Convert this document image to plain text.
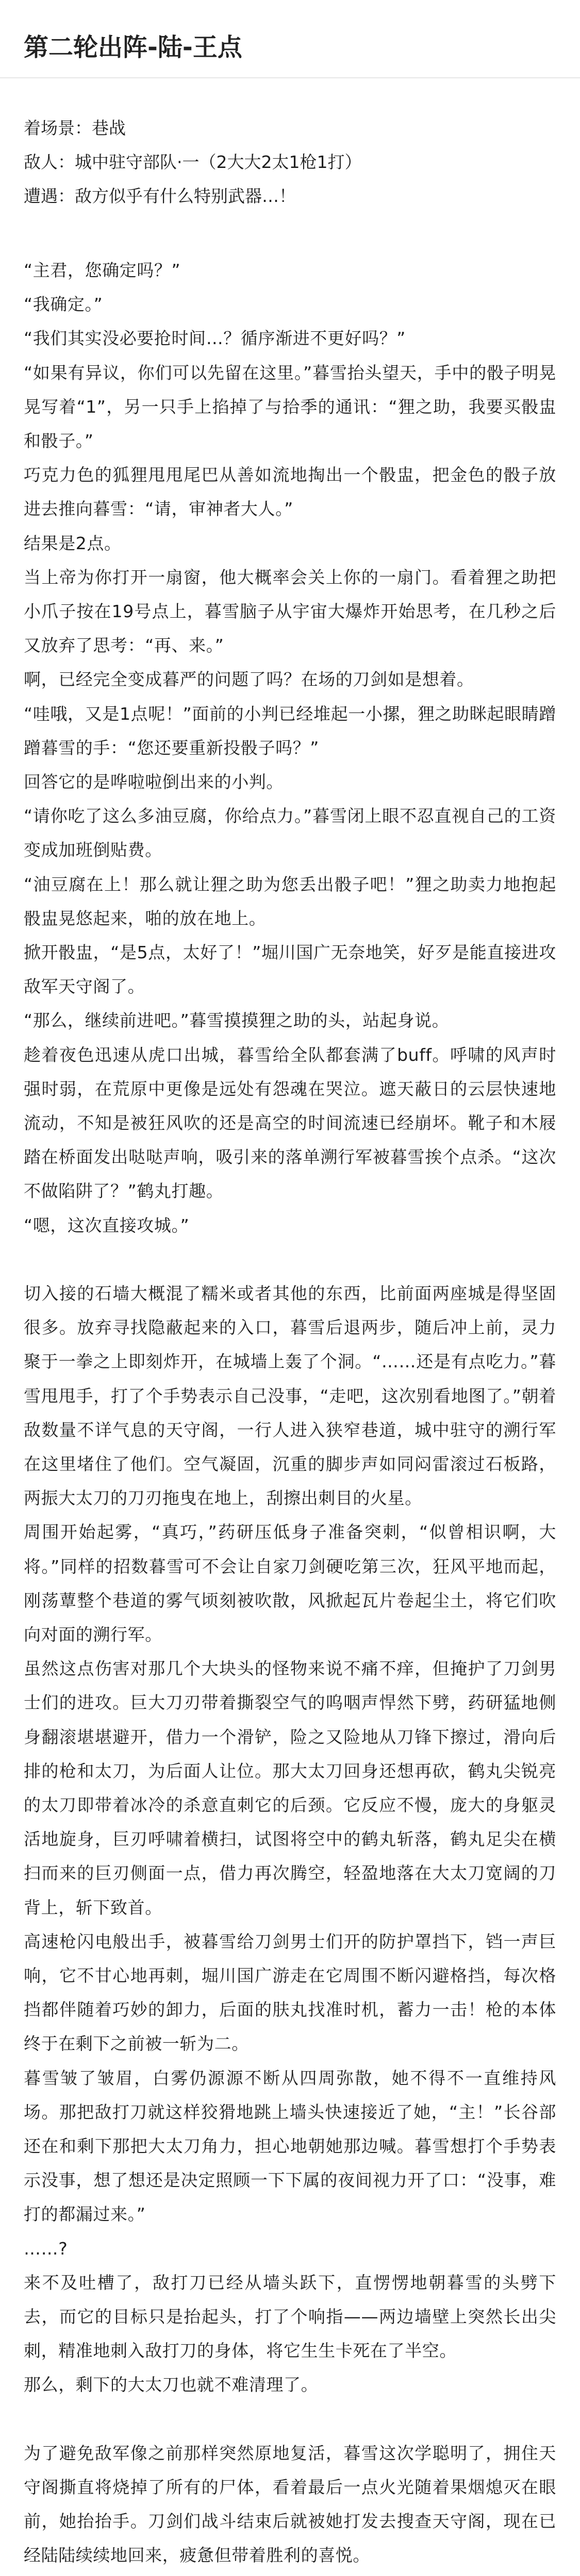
第二轮出阵-陆-王点

着场景：巷战

敌人：城中驻守部队·一（2大大2太1枪1打）

遭遇：敌方似乎有什么特别武器…！

“主君，您确定吗？”

“我确定。”

“我们其实没必要抢时间…？循序渐进不更好吗？”

“如果有异议，你们可以先留在这里。”暮雪抬头望天，手中的骰子明晃晃写着“1”，另一只手上掐掉了与拾季的通讯：“狸之助，我要买骰盅和骰子。”

巧克力色的狐狸甩甩尾巴从善如流地掏出一个骰盅，把金色的骰子放进去推向暮雪：“请，审神者大人。”

结果是2点。

当上帝为你打开一扇窗，他大概率会关上你的一扇门。看着狸之助把小爪子按在19号点上，暮雪脑子从宇宙大爆炸开始思考，在几秒之后又放弃了思考：“再、来。”

啊，已经完全变成暮严的问题了吗？在场的刀剑如是想着。

“哇哦，又是1点呢！”面前的小判已经堆起一小摞，狸之助眯起眼睛蹭蹭暮雪的手：“您还要重新投骰子吗？”

回答它的是哗啦啦倒出来的小判。

“请你吃了这么多油豆腐，你给点力。”暮雪闭上眼不忍直视自己的工资变成加班倒贴费。

“油豆腐在上！那么就让狸之助为您丢出骰子吧！”狸之助卖力地抱起骰盅晃悠起来，啪的放在地上。

掀开骰盅，“是5点，太好了！”堀川国广无奈地笑，好歹是能直接进攻敌军天守阁了。

“那么，继续前进吧。”暮雪摸摸狸之助的头，站起身说。

趁着夜色迅速从虎口出城，暮雪给全队都套满了buff。呼啸的风声时强时弱，在荒原中更像是远处有怨魂在哭泣。遮天蔽日的云层快速地流动，不知是被狂风吹的还是高空的时间流速已经崩坏。靴子和木屐踏在桥面发出哒哒声响，吸引来的落单溯行军被暮雪挨个点杀。“这次不做陷阱了？”鹤丸打趣。

“嗯，这次直接攻城。”

切入接的石墙大概混了糯米或者其他的东西，比前面两座城是得坚固很多。放弃寻找隐蔽起来的入口，暮雪后退两步，随后冲上前，灵力聚于一拳之上即刻炸开，在城墙上轰了个洞。“……还是有点吃力。”暮雪甩甩手，打了个手势表示自己没事，“走吧，这次别看地图了。”朝着敌数量不详气息的天守阁，一行人进入狭窄巷道，城中驻守的溯行军在这里堵住了他们。空气凝固，沉重的脚步声如同闷雷滚过石板路，两振大太刀的刀刃拖曳在地上，刮擦出刺目的火星。

周围开始起雾，“真巧，”药研压低身子准备突刺，“似曾相识啊，大将。”同样的招数暮雪可不会让自家刀剑硬吃第三次，狂风平地而起，刚荡蕈整个巷道的雾气顷刻被吹散，风掀起瓦片卷起尘土，将它们吹向对面的溯行军。

虽然这点伤害对那几个大块头的怪物来说不痛不痒，但掩护了刀剑男士们的进攻。巨大刀刃带着撕裂空气的呜咽声悍然下劈，药研猛地侧身翻滚堪堪避开，借力一个滑铲，险之又险地从刀锋下擦过，滑向后排的枪和太刀，为后面人让位。那大太刀回身还想再砍，鹤丸尖锐亮的太刀即带着冰冷的杀意直刺它的后颈。它反应不慢，庞大的身躯灵活地旋身，巨刃呼啸着横扫，试图将空中的鹤丸斩落，鹤丸足尖在横扫而来的巨刃侧面一点，借力再次腾空，轻盈地落在大太刀宽阔的刀背上，斩下致首。

高速枪闪电般出手，被暮雪给刀剑男士们开的防护罩挡下，铛一声巨响，它不甘心地再刺，堀川国广游走在它周围不断闪避格挡，每次格挡都伴随着巧妙的卸力，后面的肤丸找准时机，蓄力一击！枪的本体终于在剩下之前被一斩为二。

暮雪皱了皱眉，白雾仍源源不断从四周弥散，她不得不一直维持风场。那把敌打刀就这样狡猾地跳上墙头快速接近了她，“主！”长谷部还在和剩下那把大太刀角力，担心地朝她那边喊。暮雪想打个手势表示没事，想了想还是决定照顾一下下属的夜间视力开了口：“没事，难打的都漏过来。”

……?

来不及吐槽了，敌打刀已经从墙头跃下，直愣愣地朝暮雪的头劈下去，而它的目标只是抬起头，打了个响指——两边墙壁上突然长出尖刺，精准地刺入敌打刀的身体，将它生生卡死在了半空。

那么，剩下的大太刀也就不难清理了。

为了避免敌军像之前那样突然原地复活，暮雪这次学聪明了，拥住天守阁撕直将烧掉了所有的尸体，看着最后一点火光随着果烟熄灭在眼前，她抬抬手。刀剑们战斗结束后就被她打发去搜查天守阁，现在已经陆陆续续地回来，疲惫但带着胜利的喜悦。
